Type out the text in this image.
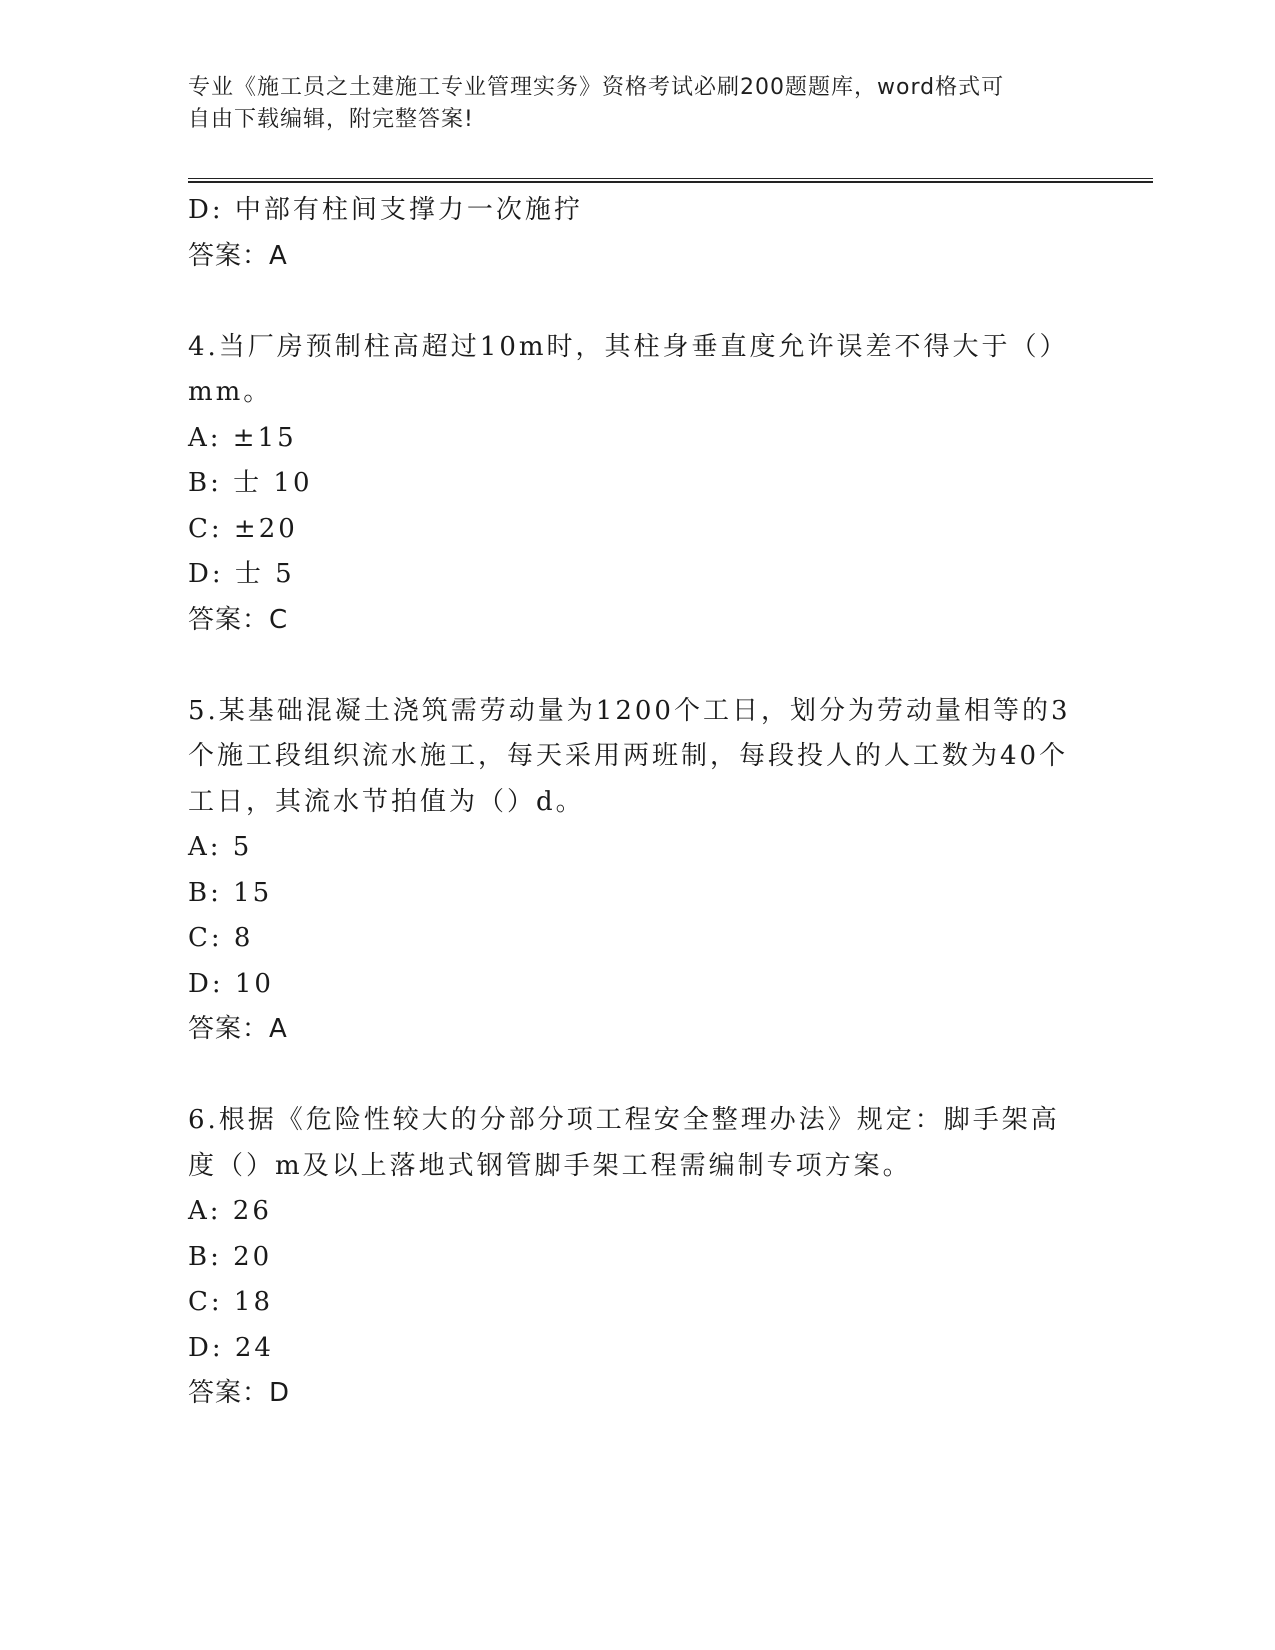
专业《施工员之土建施工专业管理实务》资格考试必刷200题题库，word格式可
自由下载编辑，附完整答案!
D: 中部有柱间支撑力一次施拧
答案：A
4.当厂房预制柱高超过10m时，其柱身垂直度允许误差不得大于（）
mm。
A: ±15
B: 士 10
C: ±20
D: 士 5
答案：C
5.某基础混凝土浇筑需劳动量为1200个工日，划分为劳动量相等的3
个施工段组织流水施工，每天采用两班制，每段投人的人工数为40个
工日，其流水节拍值为（）d。
A: 5
B: 15
C: 8
D: 10
答案：A
6.根据《危险性较大的分部分项工程安全整理办法》规定：脚手架高
度（）m及以上落地式钢管脚手架工程需编制专项方案。
A: 26
B: 20
C: 18
D: 24
答案：D
